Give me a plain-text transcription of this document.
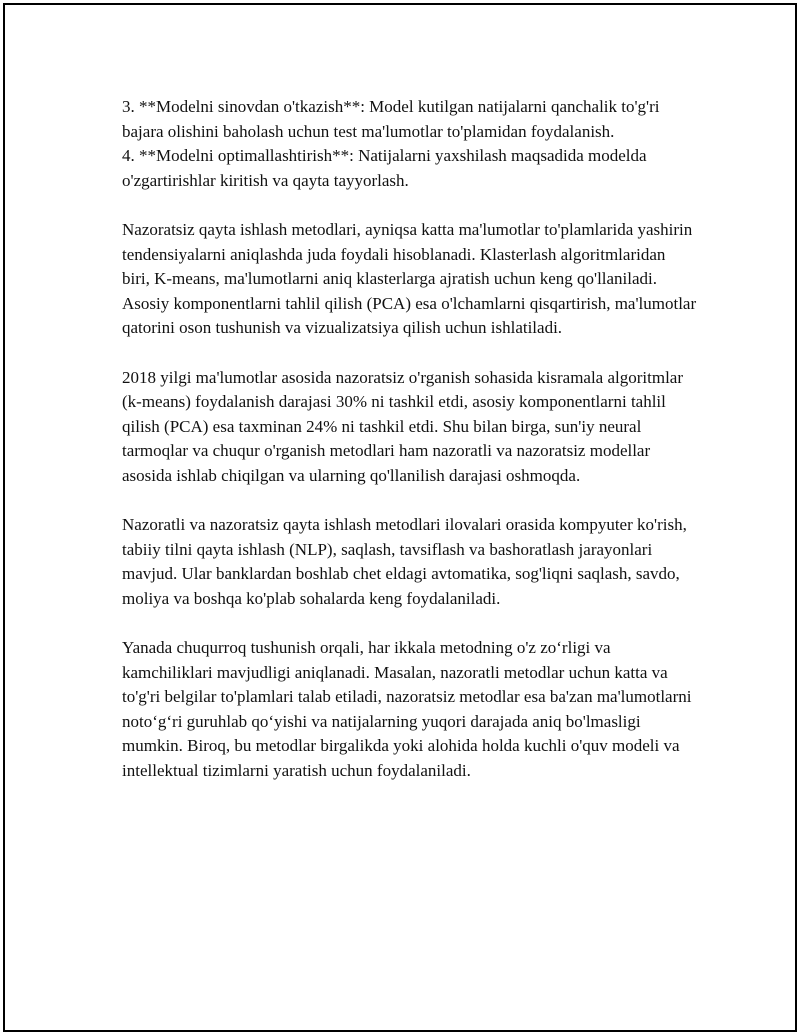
3. **Modelni sinovdan o'tkazish**: Model kutilgan natijalarni qanchalik to'g'ri bajara olishini baholash uchun test ma'lumotlar to'plamidan foydalanish.

4. **Modelni optimallashtirish**: Natijalarni yaxshilash maqsadida modelda o'zgartirishlar kiritish va qayta tayyorlash.

Nazoratsiz qayta ishlash metodlari, ayniqsa katta ma'lumotlar to'plamlarida yashirin tendensiyalarni aniqlashda juda foydali hisoblanadi. Klasterlash algoritmlaridan biri, K-means, ma'lumotlarni aniq klasterlarga ajratish uchun keng qo'llaniladi. Asosiy komponentlarni tahlil qilish (PCA) esa o'lchamlarni qisqartirish, ma'lumotlar qatorini oson tushunish va vizualizatsiya qilish uchun ishlatiladi.

2018 yilgi ma'lumotlar asosida nazoratsiz o'rganish sohasida kisramala algoritmlar (k-means) foydalanish darajasi 30% ni tashkil etdi, asosiy komponentlarni tahlil qilish (PCA) esa taxminan 24% ni tashkil etdi. Shu bilan birga, sun'iy neural tarmoqlar va chuqur o'rganish metodlari ham nazoratli va nazoratsiz modellar asosida ishlab chiqilgan va ularning qo'llanilish darajasi oshmoqda.

Nazoratli va nazoratsiz qayta ishlash metodlari ilovalari orasida kompyuter ko'rish, tabiiy tilni qayta ishlash (NLP), saqlash, tavsiflash va bashoratlash jarayonlari mavjud. Ular banklardan boshlab chet eldagi avtomatika, sog'liqni saqlash, savdo, moliya va boshqa ko'plab sohalarda keng foydalaniladi.

Yanada chuqurroq tushunish orqali, har ikkala metodning o'z zo‘rligi va kamchiliklari mavjudligi aniqlanadi. Masalan, nazoratli metodlar uchun katta va to'g'ri belgilar to'plamlari talab etiladi, nazoratsiz metodlar esa ba'zan ma'lumotlarni noto‘g‘ri guruhlab qo‘yishi va natijalarning yuqori darajada aniq bo'lmasligi mumkin. Biroq, bu metodlar birgalikda yoki alohida holda kuchli o'quv modeli va intellektual tizimlarni yaratish uchun foydalaniladi.
